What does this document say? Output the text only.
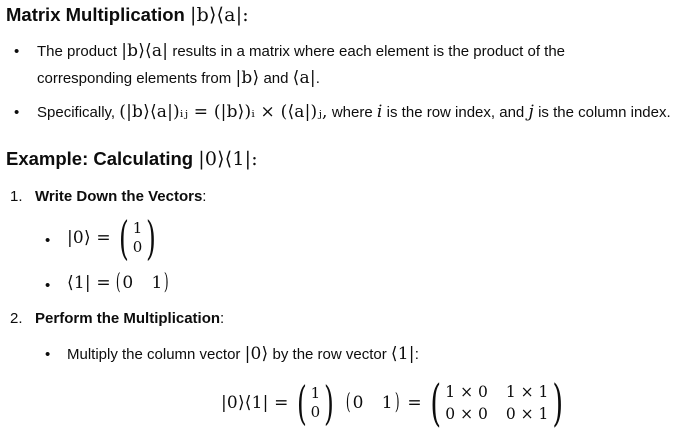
Matrix Multiplication |b⟩⟨a|:
• The product |b⟩⟨a| results in a matrix where each element is the product of the
corresponding elements from |b⟩ and ⟨a|.
• Specifically, (|b⟩⟨a|)ᵢⱼ = (|b⟩)ᵢ × (⟨a|)ⱼ, where i is the row index, and j is the column index.
Example: Calculating |0⟩⟨1|:
1. Write Down the Vectors:
• |0⟩ = ( 1
0 )
• ⟨1| = ( 0 1 )
2. Perform the Multiplication:
• Multiply the column vector |0⟩ by the row vector ⟨1|:
|0⟩⟨1| = ( 1
0 ) ( 0 1 ) = ( 1 × 0 1 × 1
0 × 0 0 × 1 )
